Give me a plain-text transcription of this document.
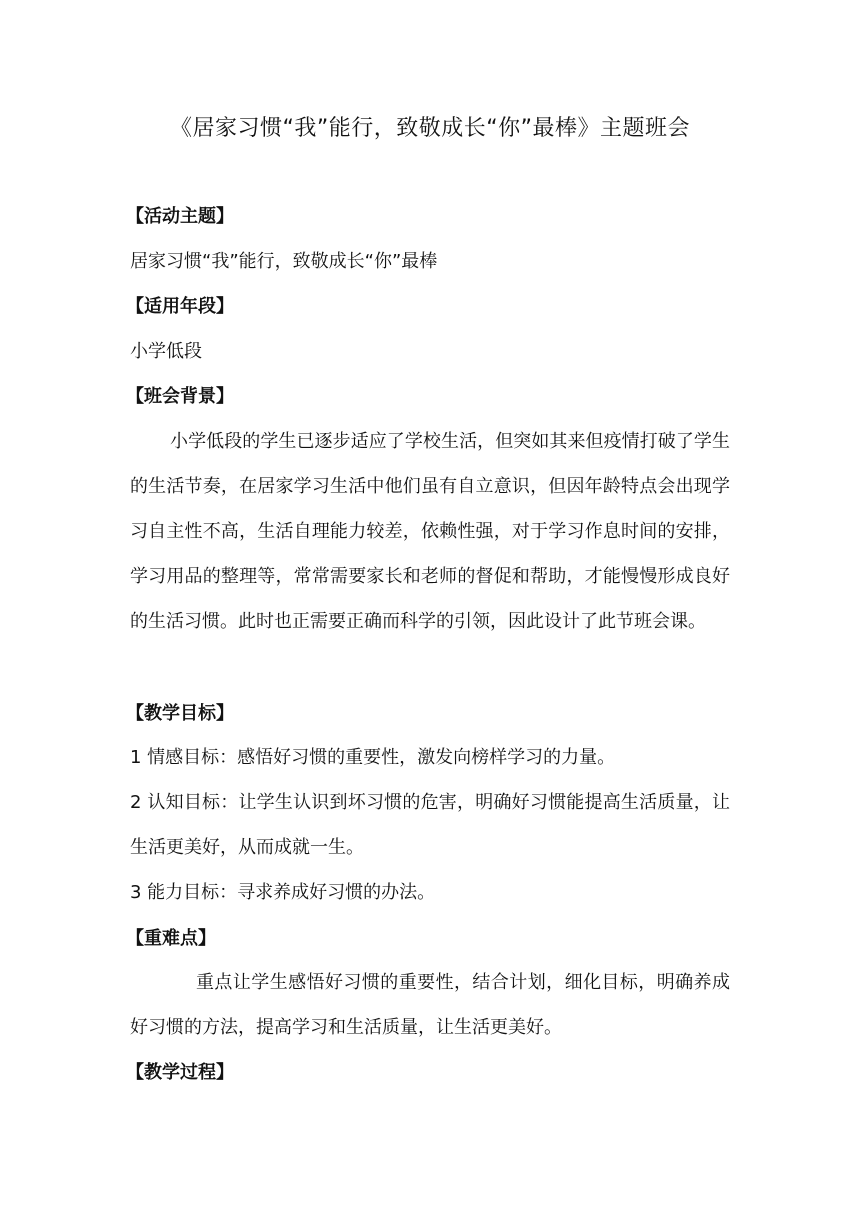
《居家习惯“我”能行，致敬成长“你”最棒》主题班会
【活动主题】
居家习惯“我”能行，致敬成长“你”最棒
【适用年段】
小学低段
【班会背景】
小学低段的学生已逐步适应了学校生活，但突如其来但疫情打破了学生的生活节奏，在居家学习生活中他们虽有自立意识，但因年龄特点会出现学习自主性不高，生活自理能力较差，依赖性强，对于学习作息时间的安排，学习用品的整理等，常常需要家长和老师的督促和帮助，才能慢慢形成良好的生活习惯。此时也正需要正确而科学的引领，因此设计了此节班会课。
【教学目标】
1 情感目标：感悟好习惯的重要性，激发向榜样学习的力量。
2 认知目标：让学生认识到坏习惯的危害，明确好习惯能提高生活质量，让生活更美好，从而成就一生。
3 能力目标：寻求养成好习惯的办法。
【重难点】
重点让学生感悟好习惯的重要性，结合计划，细化目标，明确养成好习惯的方法，提高学习和生活质量，让生活更美好。
【教学过程】
